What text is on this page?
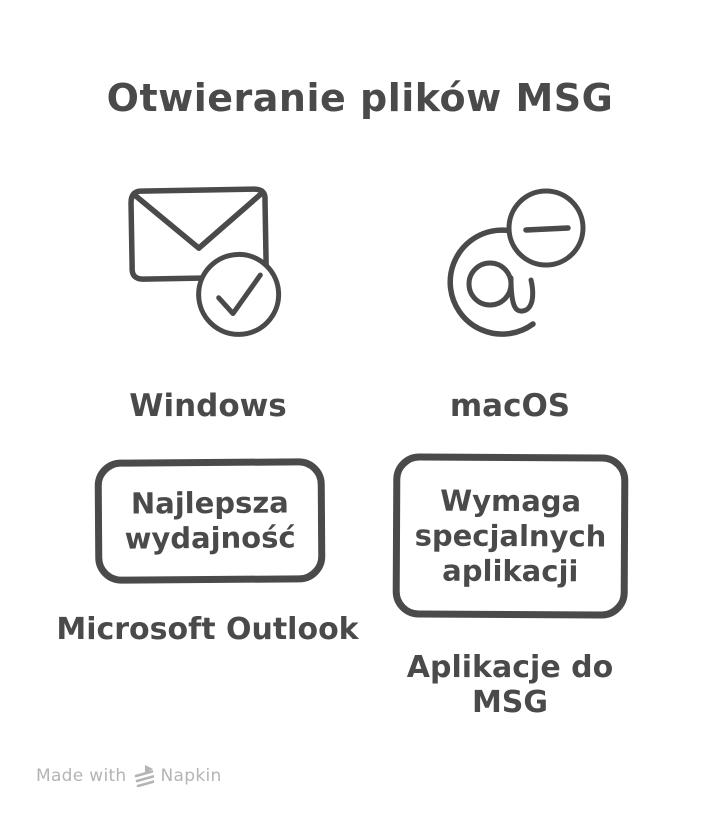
Otwieranie plików MSG
Windows	macOS
Najlepsza wydajność
Wymaga specjalnych aplikacji
Microsoft Outlook
Aplikacje do MSG
Made with Napkin
